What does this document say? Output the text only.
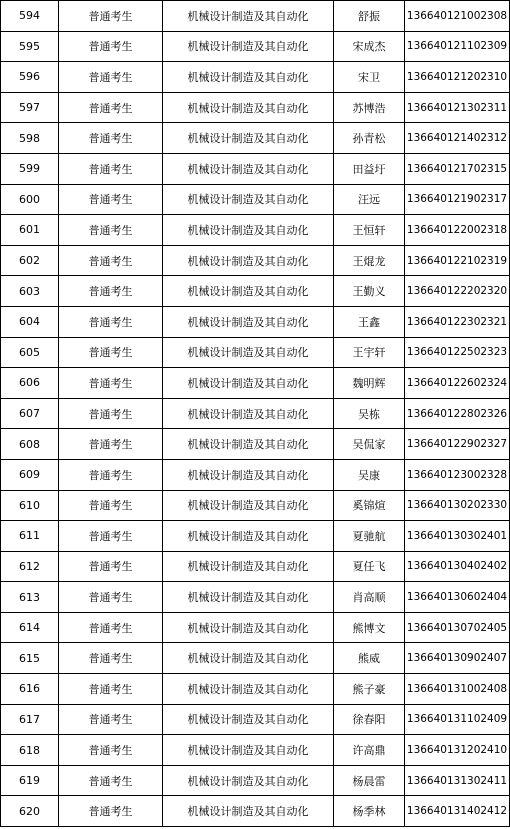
594	普通考生	机械设计制造及其自动化	舒振	136640121002308
595	普通考生	机械设计制造及其自动化	宋成杰	136640121102309
596	普通考生	机械设计制造及其自动化	宋卫	136640121202310
597	普通考生	机械设计制造及其自动化	苏博浩	136640121302311
598	普通考生	机械设计制造及其自动化	孙青松	136640121402312
599	普通考生	机械设计制造及其自动化	田益圩	136640121702315
600	普通考生	机械设计制造及其自动化	汪远	136640121902317
601	普通考生	机械设计制造及其自动化	王恒轩	136640122002318
602	普通考生	机械设计制造及其自动化	王焜龙	136640122102319
603	普通考生	机械设计制造及其自动化	王勤义	136640122202320
604	普通考生	机械设计制造及其自动化	王鑫	136640122302321
605	普通考生	机械设计制造及其自动化	王宇轩	136640122502323
606	普通考生	机械设计制造及其自动化	魏明辉	136640122602324
607	普通考生	机械设计制造及其自动化	吴栋	136640122802326
608	普通考生	机械设计制造及其自动化	吴侃家	136640122902327
609	普通考生	机械设计制造及其自动化	吴康	136640123002328
610	普通考生	机械设计制造及其自动化	奚锦煊	136640130202330
611	普通考生	机械设计制造及其自动化	夏驰航	136640130302401
612	普通考生	机械设计制造及其自动化	夏任飞	136640130402402
613	普通考生	机械设计制造及其自动化	肖高顺	136640130602404
614	普通考生	机械设计制造及其自动化	熊博文	136640130702405
615	普通考生	机械设计制造及其自动化	熊威	136640130902407
616	普通考生	机械设计制造及其自动化	熊子豪	136640131002408
617	普通考生	机械设计制造及其自动化	徐春阳	136640131102409
618	普通考生	机械设计制造及其自动化	许高鼎	136640131202410
619	普通考生	机械设计制造及其自动化	杨晨雷	136640131302411
620	普通考生	机械设计制造及其自动化	杨季林	136640131402412
